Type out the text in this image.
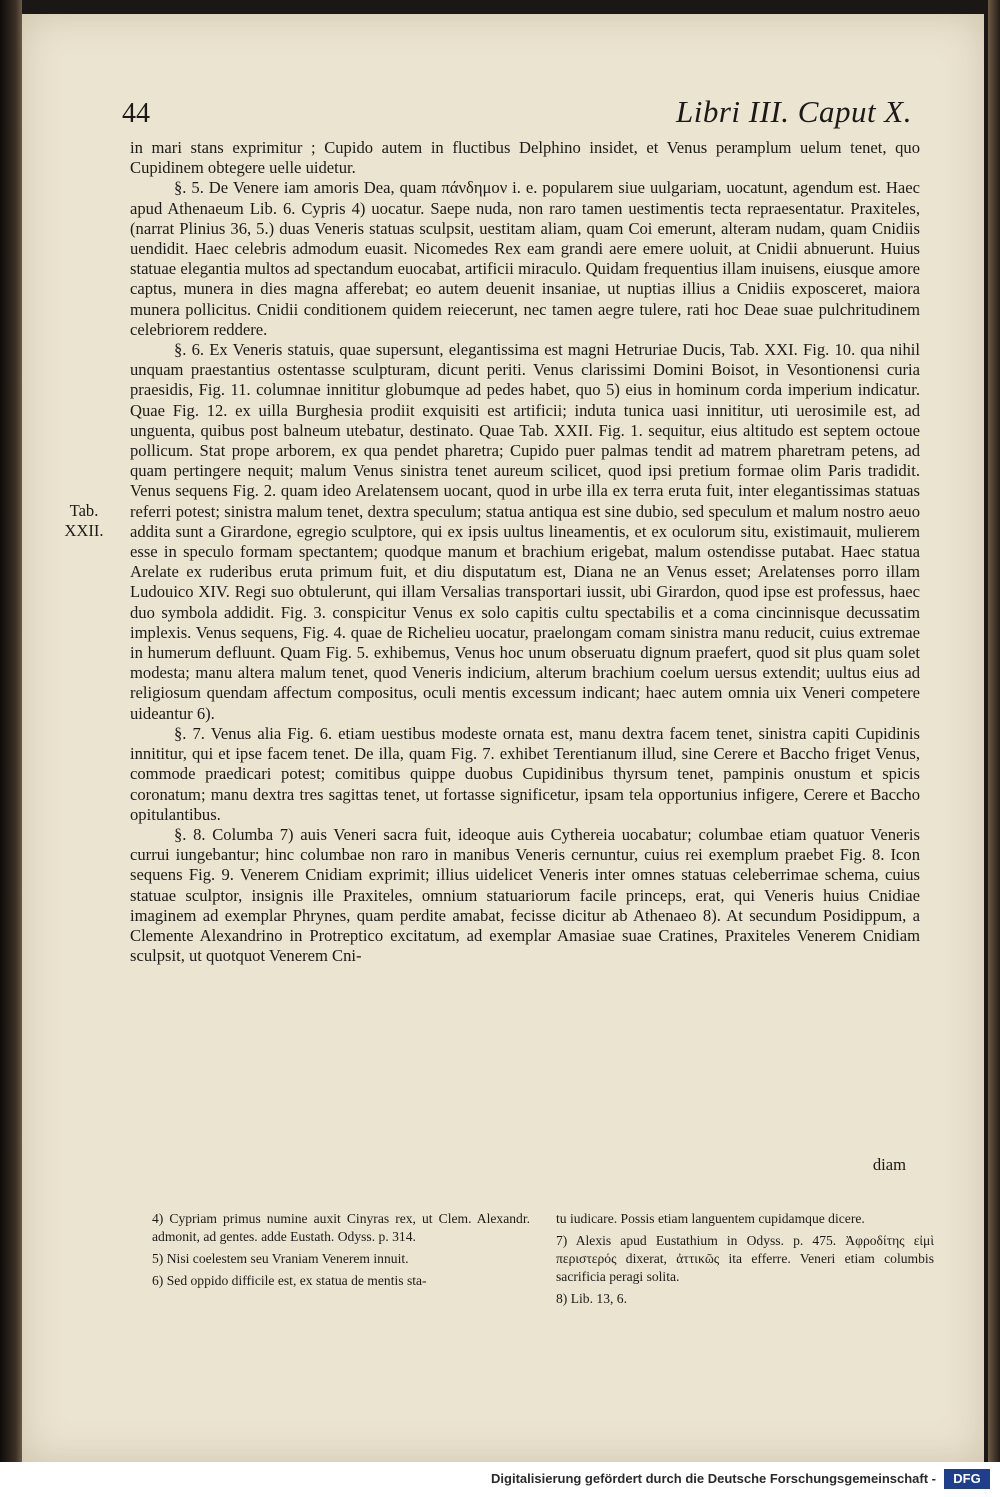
44	Libri III. Caput X.
Tab. XXII.

in mari stans exprimitur ; Cupido autem in fluctibus Delphino insidet, et Venus peramplum uelum tenet, quo Cupidinem obtegere uelle uidetur.

§. 5. De Venere iam amoris Dea, quam πάνδημον i. e. popularem siue uulgariam, uocatunt, agendum est. Haec apud Athenaeum Lib. 6. Cypris 4) uocatur. Saepe nuda, non raro tamen uestimentis tecta repraesentatur. Praxiteles, (narrat Plinius 36, 5.) duas Veneris statuas sculpsit, uestitam aliam, quam Coi emerunt, alteram nudam, quam Cnidiis uendidit. Haec celebris admodum euasit. Nicomedes Rex eam grandi aere emere uoluit, at Cnidii abnuerunt. Huius statuae elegantia multos ad spectandum euocabat, artificii miraculo. Quidam frequentius illam inuisens, eiusque amore captus, munera in dies magna afferebat; eo autem deuenit insaniae, ut nuptias illius a Cnidiis exposceret, maiora munera pollicitus. Cnidii conditionem quidem reiecerunt, nec tamen aegre tulere, rati hoc Deae suae pulchritudinem celebriorem reddere.

§. 6. Ex Veneris statuis, quae supersunt, elegantissima est magni Hetruriae Ducis, Tab. XXI. Fig. 10. qua nihil unquam praestantius ostentasse sculpturam, dicunt periti. Venus clarissimi Domini Boisot, in Vesontionensi curia praesidis, Fig. 11. columnae innititur globumque ad pedes habet, quo 5) eius in hominum corda imperium indicatur. Quae Fig. 12. ex uilla Burghesia prodiit exquisiti est artificii; induta tunica uasi innititur, uti uerosimile est, ad unguenta, quibus post balneum utebatur, destinato. Quae Tab. XXII. Fig. 1. sequitur, eius altitudo est septem octoue pollicum. Stat prope arborem, ex qua pendet pharetra; Cupido puer palmas tendit ad matrem pharetram petens, ad quam pertingere nequit; malum Venus sinistra tenet aureum scilicet, quod ipsi pretium formae olim Paris tradidit. Venus sequens Fig. 2. quam ideo Arelatensem uocant, quod in urbe illa ex terra eruta fuit, inter elegantissimas statuas referri potest; sinistra malum tenet, dextra speculum; statua antiqua est sine dubio, sed speculum et malum nostro aeuo addita sunt a Girardone, egregio sculptore, qui ex ipsis uultus lineamentis, et ex oculorum situ, existimauit, mulierem esse in speculo formam spectantem; quodque manum et brachium erigebat, malum ostendisse putabat. Haec statua Arelate ex ruderibus eruta primum fuit, et diu disputatum est, Diana ne an Venus esset; Arelatenses porro illam Ludouico XIV. Regi suo obtulerunt, qui illam Versalias transportari iussit, ubi Girardon, quod ipse est professus, haec duo symbola addidit. Fig. 3. conspicitur Venus ex solo capitis cultu spectabilis et a coma cincinnisque decussatim implexis. Venus sequens, Fig. 4. quae de Richelieu uocatur, praelongam comam sinistra manu reducit, cuius extremae in humerum defluunt. Quam Fig. 5. exhibemus, Venus hoc unum obseruatu dignum praefert, quod sit plus quam solet modesta; manu altera malum tenet, quod Veneris indicium, alterum brachium coelum uersus extendit; uultus eius ad religiosum quendam affectum compositus, oculi mentis excessum indicant; haec autem omnia uix Veneri competere uideantur 6).

§. 7. Venus alia Fig. 6. etiam uestibus modeste ornata est, manu dextra facem tenet, sinistra capiti Cupidinis innititur, qui et ipse facem tenet. De illa, quam Fig. 7. exhibet Terentianum illud, sine Cerere et Baccho friget Venus, commode praedicari potest; comitibus quippe duobus Cupidinibus thyrsum tenet, pampinis onustum et spicis coronatum; manu dextra tres sagittas tenet, ut fortasse significetur, ipsam tela opportunius infigere, Cerere et Baccho opitulantibus.

§. 8. Columba 7) auis Veneri sacra fuit, ideoque auis Cythereia uocabatur; columbae etiam quatuor Veneris currui iungebantur; hinc columbae non raro in manibus Veneris cernuntur, cuius rei exemplum praebet Fig. 8. Icon sequens Fig. 9. Venerem Cnidiam exprimit; illius uidelicet Veneris inter omnes statuas celeberrimae schema, cuius statuae sculptor, insignis ille Praxiteles, omnium statuariorum facile princeps, erat, qui Veneris huius Cnidiae imaginem ad exemplar Phrynes, quam perdite amabat, fecisse dicitur ab Athenaeo 8). At secundum Posidippum, a Clemente Alexandrino in Protreptico excitatum, ad exemplar Amasiae suae Cratines, Praxiteles Venerem Cnidiam sculpsit, ut quotquot Venerem Cni-

diam
4) Cypriam primus numine auxit Cinyras rex, ut Clem. Alexandr. admonit, ad gentes. adde Eustath. Odyss. p. 314.
5) Nisi coelestem seu Vraniam Venerem innuit.
6) Sed oppido difficile est, ex statua de mentis sta-
tu iudicare. Possis etiam languentem cupidamque dicere.
7) Alexis apud Eustathium in Odyss. p. 475. Ἀφροδίτης εἰμὶ περιστερός dixerat, ἀττικῶς ita efferre. Veneri etiam columbis sacrificia peragi solita.
8) Lib. 13, 6.
Digitalisierung gefördert durch die Deutsche Forschungsgemeinschaft -	DFG
